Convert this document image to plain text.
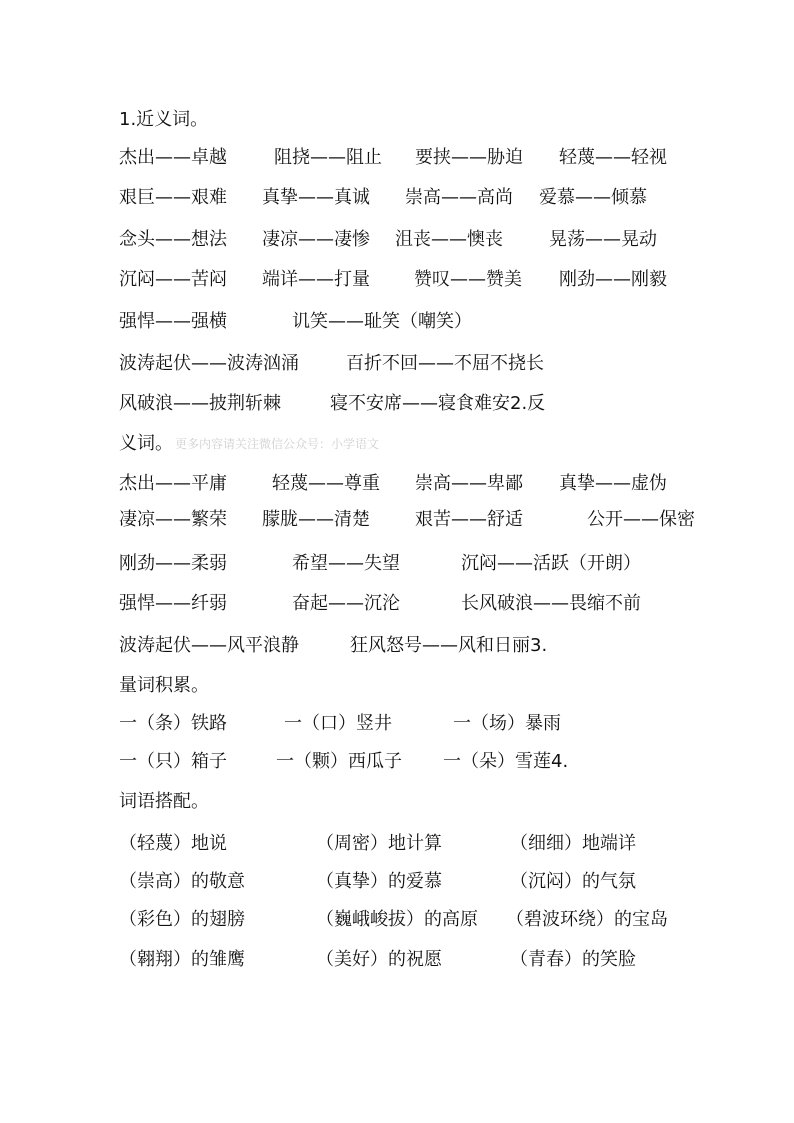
1.近义词。
杰出——卓越	阻挠——阻止 要挟——胁迫 轻蔑——轻视
艰巨——艰难 真挚——真诚 崇高——高尚 爱慕——倾慕
念头——想法 凄凉——凄惨 沮丧——懊丧	晃荡——晃动
沉闷——苦闷 端详——打量 赞叹——赞美 刚劲——刚毅
强悍——强横	讥笑——耻笑（嘲笑）
波涛起伏——波涛汹涌	百折不回——不屈不挠长
风破浪——披荆斩棘	寝不安席——寝食难安2.反
义词。 更多内容请关注微信公众号：小学语文
杰出——平庸	轻蔑——尊重 崇高——卑鄙 真挚——虚伪
凄凉——繁荣 朦胧——清楚	艰苦——舒适	公开——保密
刚劲——柔弱	希望——失望	沉闷——活跃（开朗）
强悍——纤弱	奋起——沉沦	长风破浪——畏缩不前
波涛起伏——风平浪静	狂风怒号——风和日丽3.
量词积累。
一（条）铁路	一（口）竖井	一（场）暴雨
一（只）箱子	一（颗）西瓜子 一（朵）雪莲4.
词语搭配。
（轻蔑）地说	（周密）地计算	（细细）地端详
（崇高）的敬意	（真挚）的爱慕	（沉闷）的气氛
（彩色）的翅膀	（巍峨峻拔）的高原 （碧波环绕）的宝岛
（翱翔）的雏鹰	（美好）的祝愿	（青春）的笑脸
